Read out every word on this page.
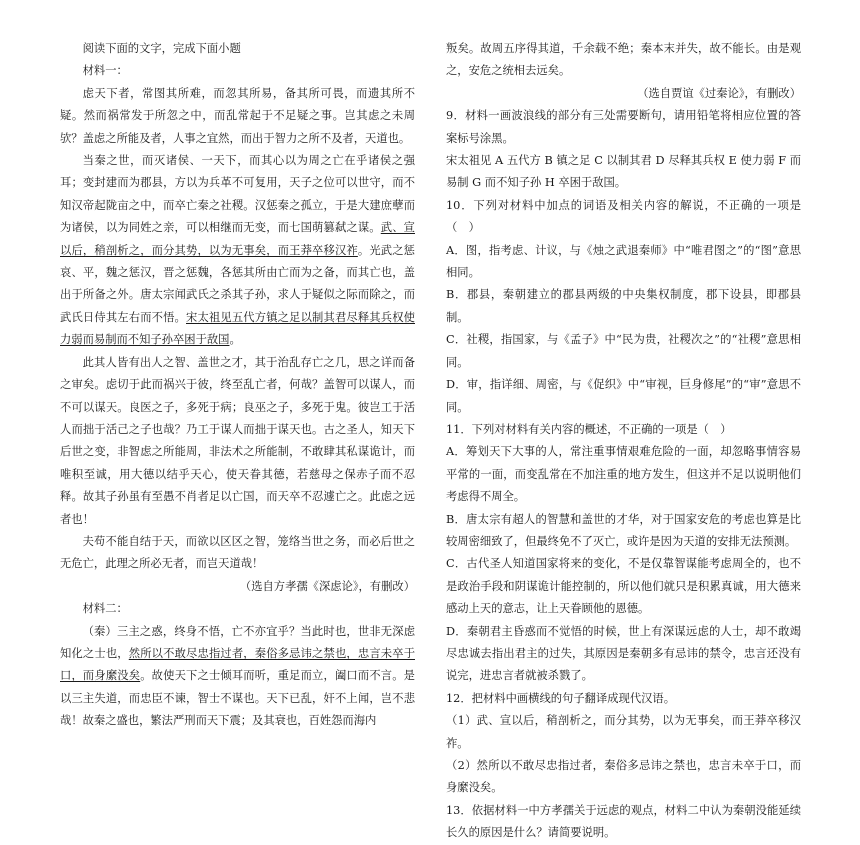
阅读下面的文字，完成下面小题

材料一：

虑天下者，常图其所难，而忽其所易，备其所可畏，而遗其所不疑。然而祸常发于所忽之中，而乱常起于不足疑之事。岂其虑之未周欤？盖虑之所能及者，人事之宜然，而出于智力之所不及者，天道也。

当秦之世，而灭诸侯、一天下，而其心以为周之亡在乎诸侯之强耳；变封建而为郡县，方以为兵革不可复用，天子之位可以世守，而不知汉帝起陇亩之中，而卒亡秦之社稷。汉惩秦之孤立，于是大建庶孽而为诸侯，以为同姓之亲，可以相继而无变，而七国萌篡弑之谋。武、宣以后，稍剖析之，而分其势，以为无事矣，而王莽卒移汉祚。光武之惩哀、平，魏之惩汉，晋之惩魏，各惩其所由亡而为之备，而其亡也，盖出于所备之外。唐太宗闻武氏之杀其子孙，求人于疑似之际而除之，而武氏日侍其左右而不悟。宋太祖见五代方镇之足以制其君尽释其兵权使力弱而易制而不知子孙卒困于敌国。

此其人皆有出人之智、盖世之才，其于治乱存亡之几，思之详而备之审矣。虑切于此而祸兴于彼，终至乱亡者，何哉？盖智可以谋人，而不可以谋天。良医之子，多死于病；良巫之子，多死于鬼。彼岂工于活人而拙于活己之子也哉？乃工于谋人而拙于谋天也。古之圣人，知天下后世之变，非智虑之所能周，非法术之所能制，不敢肆其私谋诡计，而唯积至诚，用大德以结乎天心，使天眷其德，若慈母之保赤子而不忍释。故其子孙虽有至愚不肖者足以亡国，而天卒不忍遽亡之。此虑之远者也！

夫苟不能自结于天，而欲以区区之智，笼络当世之务，而必后世之无危亡，此理之所必无者，而岂天道哉！

（选自方孝孺《深虑论》，有删改）

材料二：

（秦）三主之惑，终身不悟，亡不亦宜乎？当此时也，世非无深虑知化之士也，然所以不敢尽忠指过者，秦俗多忌讳之禁也，忠言未卒于口，而身縻没矣。故使天下之士倾耳而听，重足而立，阖口而不言。是以三主失道，而忠臣不谏，智士不谋也。天下已乱，奸不上闻，岂不悲哉！故秦之盛也，繁法严刑而天下震；及其衰也，百姓怨而海内

叛矣。故周五序得其道，千余载不绝；秦本末并失，故不能长。由是观之，安危之统相去远矣。

（选自贾谊《过秦论》，有删改）

9．材料一画波浪线的部分有三处需要断句，请用铅笔将相应位置的答案标号涂黑。

宋太祖见 A 五代方 B 镇之足 C 以制其君 D 尽释其兵权 E 使力弱 F 而易制 G 而不知子孙 H 卒困于敌国。

10．下列对材料中加点的词语及相关内容的解说，不正确的一项是（　）

A．图，指考虑、计议，与《烛之武退秦师》中“唯君图之”的“图”意思相同。

B．郡县，秦朝建立的郡县两级的中央集权制度，郡下设县，即郡县制。

C．社稷，指国家，与《孟子》中“民为贵，社稷次之”的“社稷”意思相同。

D．审，指详细、周密，与《促织》中“审视，巨身修尾”的“审”意思不同。

11．下列对材料有关内容的概述，不正确的一项是（　）

A．筹划天下大事的人，常注重事情艰难危险的一面，却忽略事情容易平常的一面，而变乱常在不加注重的地方发生，但这并不足以说明他们考虑得不周全。

B．唐太宗有超人的智慧和盖世的才华，对于国家安危的考虑也算是比较周密细致了，但最终免不了灭亡，或许是因为天道的安排无法预测。

C．古代圣人知道国家将来的变化，不是仅靠智谋能考虑周全的，也不是政治手段和阴谋诡计能控制的，所以他们就只是积累真诚，用大德来感动上天的意志，让上天眷顾他的恩德。

D．秦朝君主昏惑而不觉悟的时候，世上有深谋远虑的人士，却不敢竭尽忠诚去指出君主的过失，其原因是秦朝多有忌讳的禁令，忠言还没有说完，进忠言者就被杀戮了。

12．把材料中画横线的句子翻译成现代汉语。

（1）武、宣以后，稍剖析之，而分其势，以为无事矣，而王莽卒移汉祚。

（2）然所以不敢尽忠指过者，秦俗多忌讳之禁也，忠言未卒于口，而身縻没矣。

13．依据材料一中方孝孺关于远虑的观点，材料二中认为秦朝没能延续长久的原因是什么？请简要说明。
